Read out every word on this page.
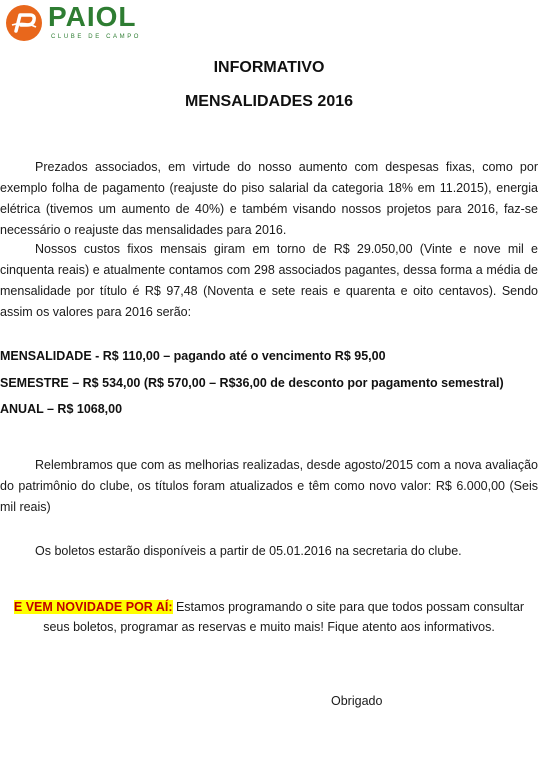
PAIOL
CLUBE DE CAMPO
INFORMATIVO
MENSALIDADES 2016
Prezados associados, em virtude do nosso aumento com despesas fixas, como por exemplo folha de pagamento (reajuste do piso salarial da categoria 18% em 11.2015), energia elétrica (tivemos um aumento de 40%) e também visando nossos projetos para 2016, faz-se necessário o reajuste das mensalidades para 2016.
Nossos custos fixos mensais giram em torno de R$ 29.050,00 (Vinte e nove mil e cinquenta reais) e atualmente contamos com 298 associados pagantes, dessa forma a média de mensalidade por título é R$ 97,48 (Noventa e sete reais e quarenta e oito centavos). Sendo assim os valores para 2016 serão:
MENSALIDADE - R$ 110,00 – pagando até o vencimento R$ 95,00
SEMESTRE – R$ 534,00 (R$ 570,00 – R$36,00 de desconto por pagamento semestral)
ANUAL – R$ 1068,00
Relembramos que com as melhorias realizadas, desde agosto/2015 com a nova avaliação do patrimônio do clube, os títulos foram atualizados e têm como novo valor: R$ 6.000,00 (Seis mil reais)
Os boletos estarão disponíveis a partir de 05.01.2016 na secretaria do clube.
E VEM NOVIDADE POR AÍ: Estamos programando o site para que todos possam consultar seus boletos, programar as reservas e muito mais! Fique atento aos informativos.
Obrigado
